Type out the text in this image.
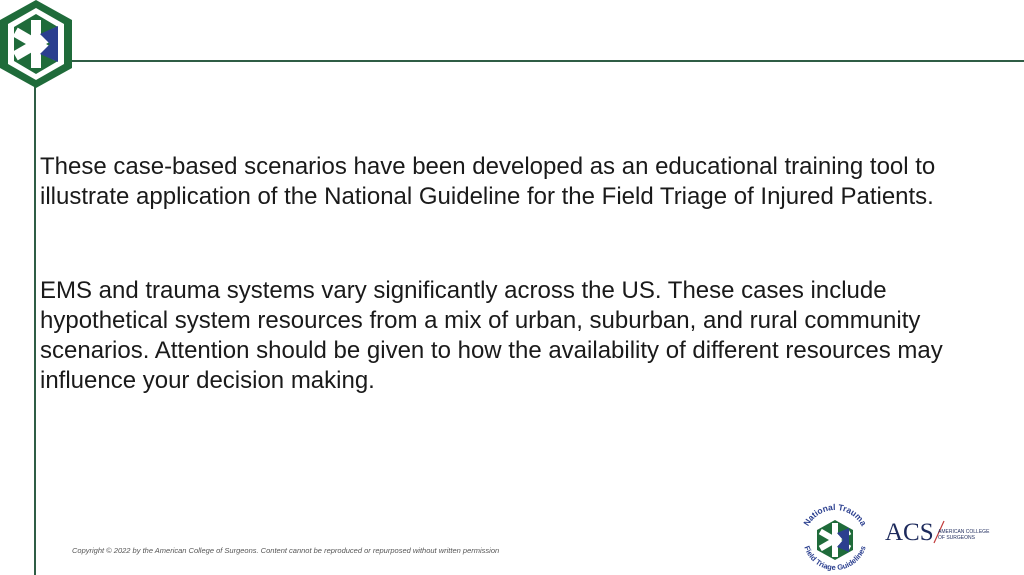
These case-based scenarios have been developed as an educational training tool to illustrate application of the National Guideline for the Field Triage of Injured Patients.

EMS and trauma systems vary significantly across the US. These cases include hypothetical system resources from a mix of urban, suburban, and rural community scenarios. Attention should be given to how the availability of different resources may influence your decision making.

Copyright © 2022 by the American College of Surgeons. Content cannot be reproduced or repurposed without written permission
National Trauma
Field Triage Guidelines
ACS AMERICAN COLLEGE
OF SURGEONS
